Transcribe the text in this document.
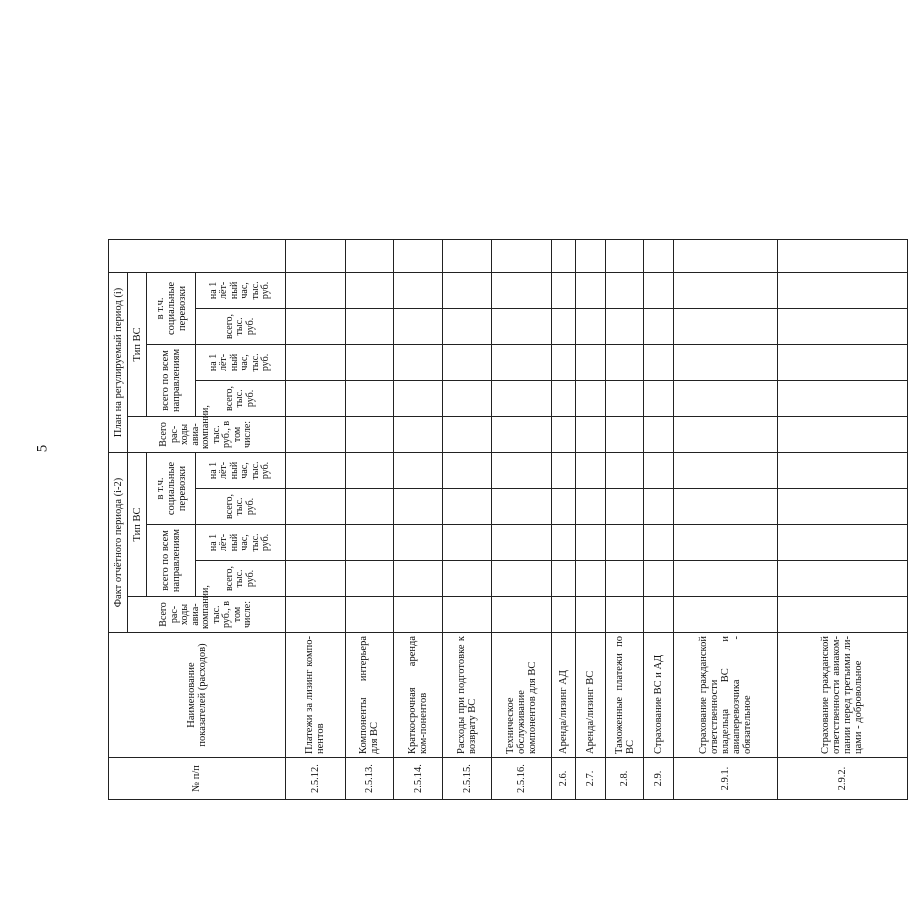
5
№ п/п	Наименование показателей (расходов)	Факт отчётного периода (i-2)					План на регулируемый период (i)					
		Всего рас-ходы авиа-компании, тыс. руб., в том числе:	Тип ВС				Всего рас-ходы авиа-компании, тыс. руб., в том числе:	Тип ВС				
			всего по всем направлениям		в т.ч. социальные перевозки			всего по всем направлениям		в т.ч. социальные перевозки		
			всего, тыс. руб.	на 1 лёт-ный час, тыс. руб.	всего, тыс. руб.	на 1 лёт-ный час, тыс. руб.		всего, тыс. руб.	на 1 лёт-ный час, тыс. руб.	всего, тыс. руб.	на 1 лёт-ный час, тыс. руб.	
2.5.12.	Платежи за лизинг компо-нентов											
2.5.13.	Компоненты интерьера для ВС											
2.5.14.	Краткосрочная аренда ком-понентов											
2.5.15.	Расходы при подготовке к возврату ВС											
2.5.16.	Техническое обслуживание компонентов для ВС											
2.6.	Аренда/лизинг АД											
2.7.	Аренда/лизинг ВС											
2.8.	Таможенные платежи по ВС											
2.9.	Страхование ВС и АД											
2.9.1.	Страхование гражданской ответственности владельца ВС и авиаперевозчика - обязательное											
2.9.2.	Страхование гражданской ответственности авиаком-пании перед третьими ли-цами - добровольное											
